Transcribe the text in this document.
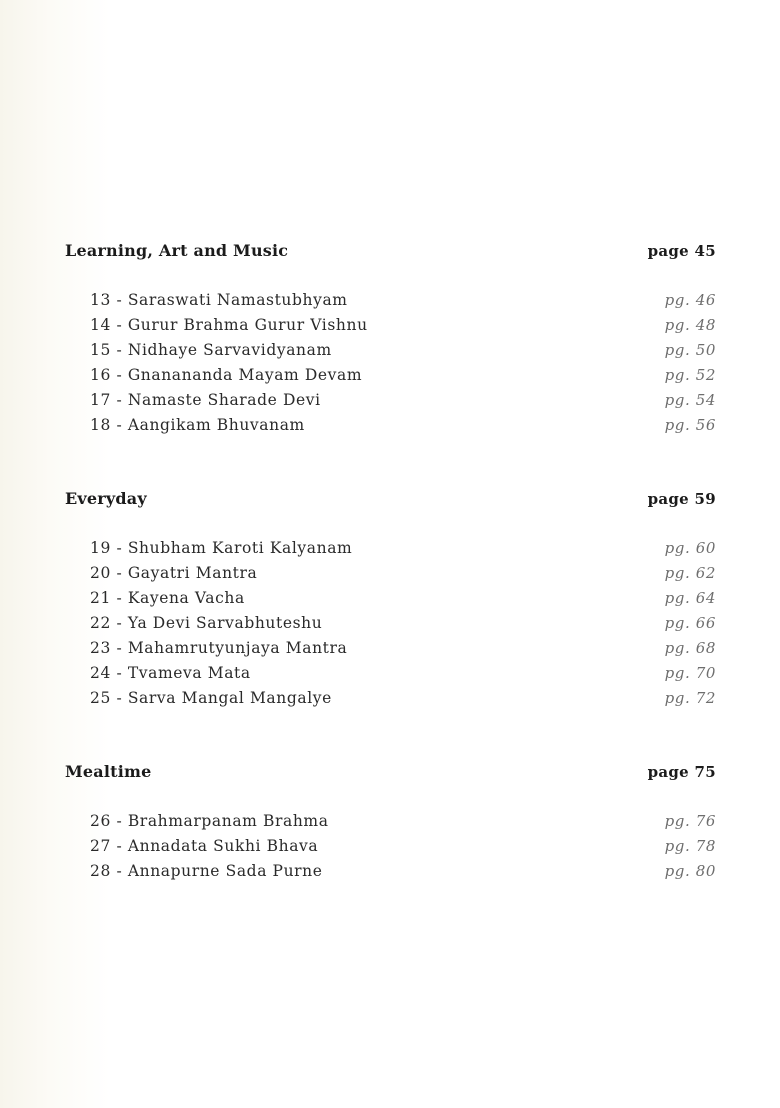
Learning, Art and Music	page 45
13 - Saraswati Namastubhyam	pg. 46
14 - Gurur Brahma Gurur Vishnu	pg. 48
15 - Nidhaye Sarvavidyanam	pg. 50
16 - Gnanananda Mayam Devam	pg. 52
17 - Namaste Sharade Devi	pg. 54
18 - Aangikam Bhuvanam	pg. 56
Everyday	page 59
19 - Shubham Karoti Kalyanam	pg. 60
20 - Gayatri Mantra	pg. 62
21 - Kayena Vacha	pg. 64
22 - Ya Devi Sarvabhuteshu	pg. 66
23 - Mahamrutyunjaya Mantra	pg. 68
24 - Tvameva Mata	pg. 70
25 - Sarva Mangal Mangalye	pg. 72
Mealtime	page 75
26 - Brahmarpanam Brahma	pg. 76
27 - Annadata Sukhi Bhava	pg. 78
28 - Annapurne Sada Purne	pg. 80
